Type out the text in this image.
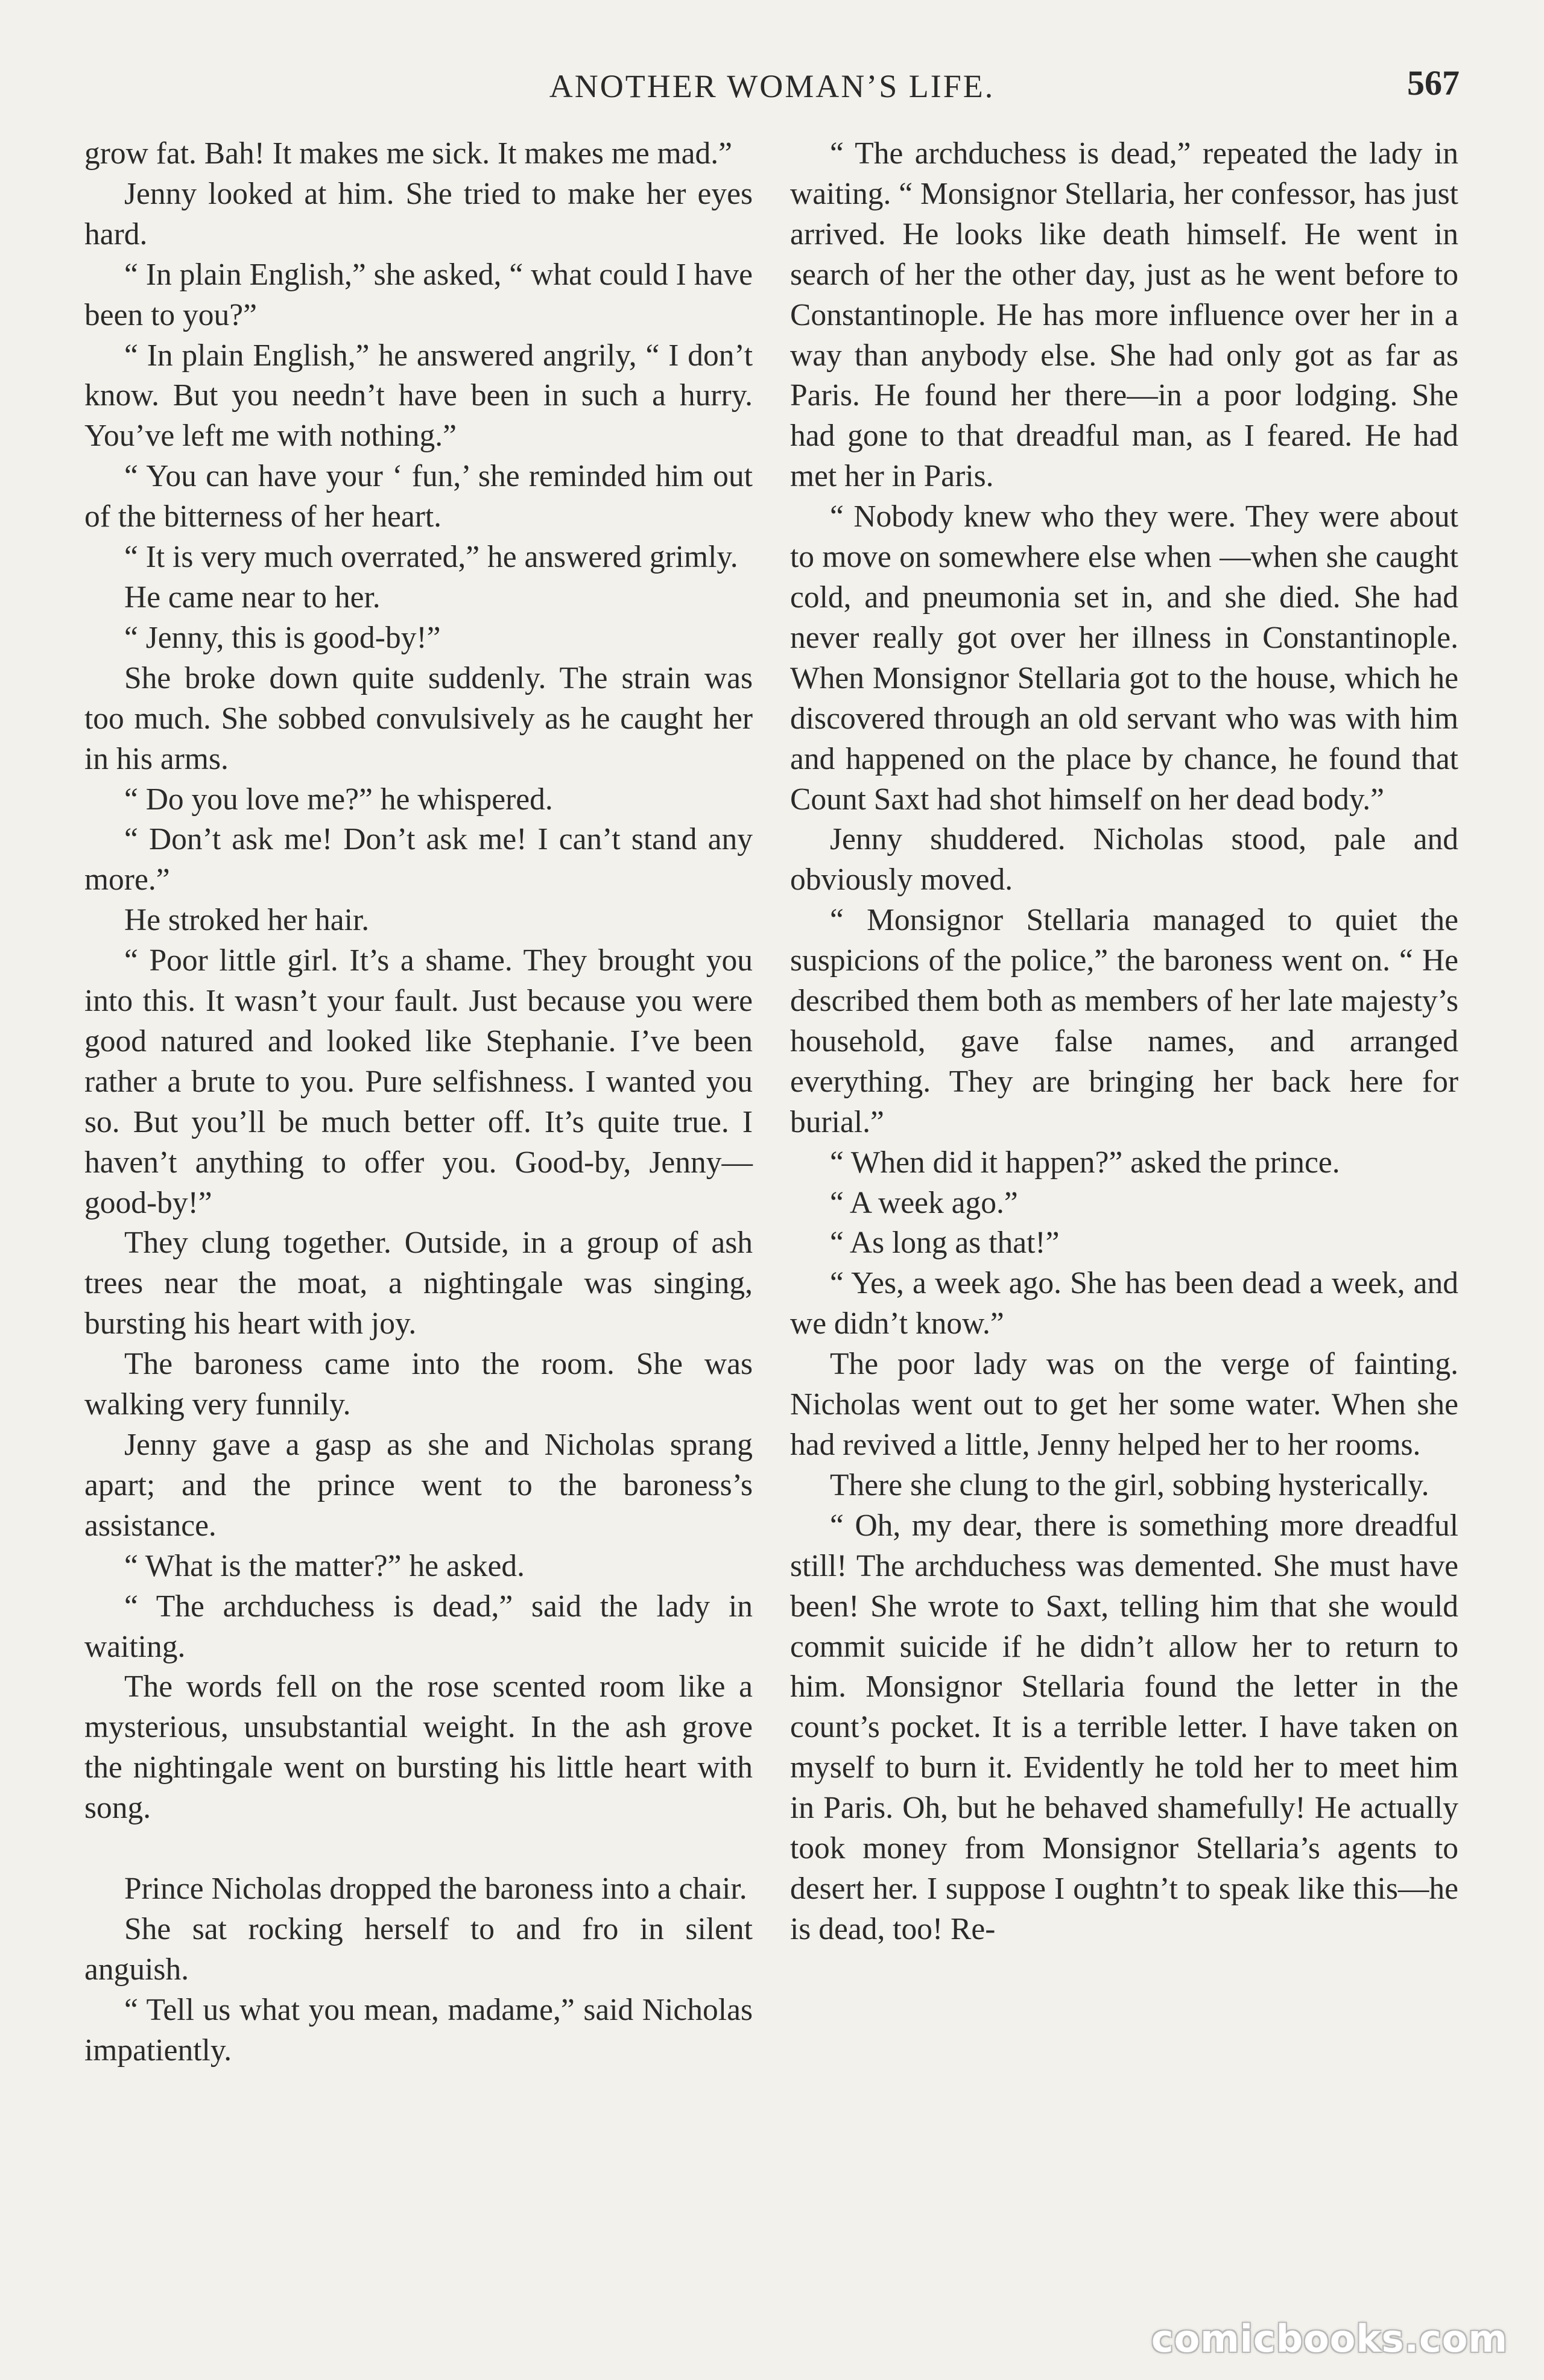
ANOTHER WOMAN’S LIFE.	567

grow fat. Bah! It makes me sick. It makes me mad.”

Jenny looked at him. She tried to make her eyes hard.

“ In plain English,” she asked, “ what could I have been to you?”

“ In plain English,” he answered angrily, “ I don’t know. But you needn’t have been in such a hurry. You’ve left me with nothing.”

“ You can have your ‘ fun,’ she reminded him out of the bitterness of her heart.

“ It is very much overrated,” he answered grimly.

He came near to her.

“ Jenny, this is good-by!”

She broke down quite suddenly. The strain was too much. She sobbed convulsively as he caught her in his arms.

“ Do you love me?” he whispered.

“ Don’t ask me! Don’t ask me! I can’t stand any more.”

He stroked her hair.

“ Poor little girl. It’s a shame. They brought you into this. It wasn’t your fault. Just because you were good natured and looked like Stephanie. I’ve been rather a brute to you. Pure selfishness. I wanted you so. But you’ll be much better off. It’s quite true. I haven’t anything to offer you. Good-by, Jenny—good-by!”

They clung together. Outside, in a group of ash trees near the moat, a nightingale was singing, bursting his heart with joy.

The baroness came into the room. She was walking very funnily.

Jenny gave a gasp as she and Nicholas sprang apart; and the prince went to the baroness’s assistance.

“ What is the matter?” he asked.

“ The archduchess is dead,” said the lady in waiting.

The words fell on the rose scented room like a mysterious, unsubstantial weight. In the ash grove the nightingale went on bursting his little heart with song.

Prince Nicholas dropped the baroness into a chair.

She sat rocking herself to and fro in silent anguish.

“ Tell us what you mean, madame,” said Nicholas impatiently.

“ The archduchess is dead,” repeated the lady in waiting. “ Monsignor Stellaria, her confessor, has just arrived. He looks like death himself. He went in search of her the other day, just as he went before to Constantinople. He has more influence over her in a way than anybody else. She had only got as far as Paris. He found her there—in a poor lodging. She had gone to that dreadful man, as I feared. He had met her in Paris.

“ Nobody knew who they were. They were about to move on somewhere else when —when she caught cold, and pneumonia set in, and she died. She had never really got over her illness in Constantinople. When Monsignor Stellaria got to the house, which he discovered through an old servant who was with him and happened on the place by chance, he found that Count Saxt had shot himself on her dead body.”

Jenny shuddered. Nicholas stood, pale and obviously moved.

“ Monsignor Stellaria managed to quiet the suspicions of the police,” the baroness went on. “ He described them both as members of her late majesty’s household, gave false names, and arranged everything. They are bringing her back here for burial.”

“ When did it happen?” asked the prince.

“ A week ago.”

“ As long as that!”

“ Yes, a week ago. She has been dead a week, and we didn’t know.”

The poor lady was on the verge of fainting. Nicholas went out to get her some water. When she had revived a little, Jenny helped her to her rooms.

There she clung to the girl, sobbing hysterically.

“ Oh, my dear, there is something more dreadful still! The archduchess was demented. She must have been! She wrote to Saxt, telling him that she would commit suicide if he didn’t allow her to return to him. Monsignor Stellaria found the letter in the count’s pocket. It is a terrible letter. I have taken on myself to burn it. Evidently he told her to meet him in Paris. Oh, but he behaved shamefully! He actually took money from Monsignor Stellaria’s agents to desert her. I suppose I oughtn’t to speak like this—he is dead, too! Re-

comicbooks.com
